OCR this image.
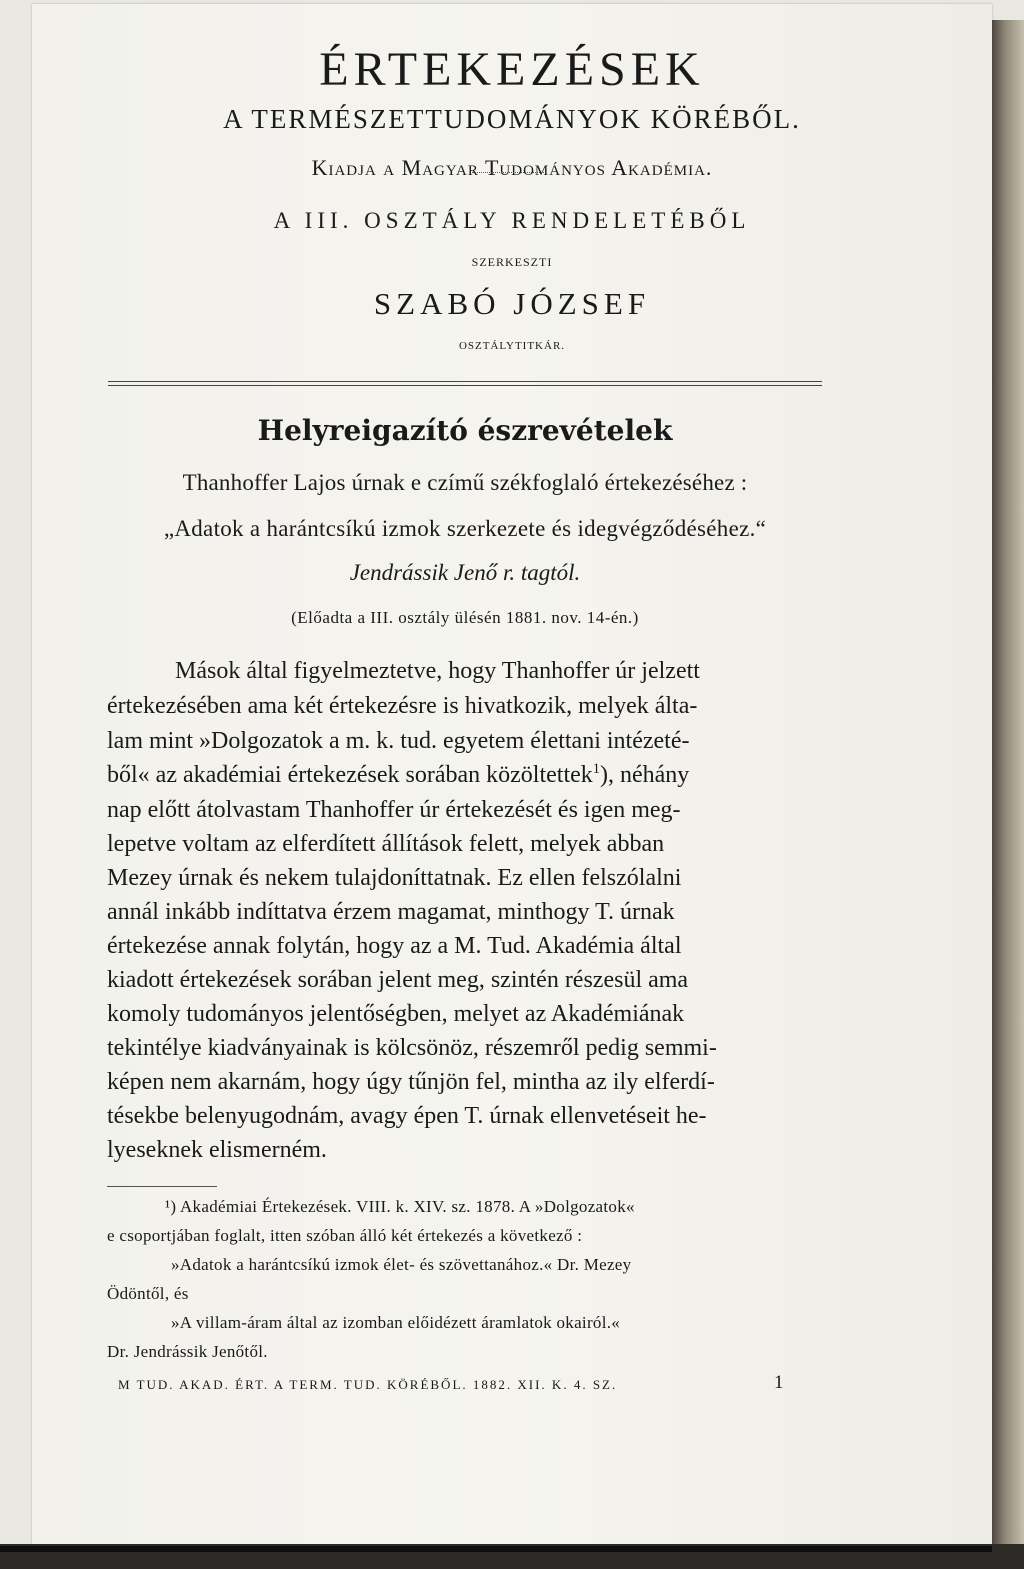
ÉRTEKEZÉSEK
A TERMÉSZETTUDOMÁNYOK KÖRÉBŐL.
Kiadja a Magyar Tudományos Akadémia.
A III. OSZTÁLY RENDELETÉBŐL
SZERKESZTI
SZABÓ JÓZSEF
OSZTÁLYTITKÁR.
Helyreigazító észrevételek
Thanhoffer Lajos úrnak e czímű székfoglaló értekezéséhez :
„Adatok a harántcsíkú izmok szerkezete és idegvégződéséhez.“
Jendrássik Jenő r. tagtól.
(Előadta a III. osztály ülésén 1881. nov. 14-én.)
Mások által figyelmeztetve, hogy Thanhoffer úr jelzett
értekezésében ama két értekezésre is hivatkozik, melyek álta-
lam mint »Dolgozatok a m. k. tud. egyetem élettani intézeté-
ből« az akadémiai értekezések sorában közöltettek$^1$), néhány
nap előtt átolvastam Thanhoffer úr értekezését és igen meg-
lepetve voltam az elferdített állítások felett, melyek abban
Mezey úrnak és nekem tulajdoníttatnak. Ez ellen felszólalni
annál inkább indíttatva érzem magamat, minthogy T. úrnak
értekezése annak folytán, hogy az a M. Tud. Akadémia által
kiadott értekezések sorában jelent meg, szintén részesül ama
komoly tudományos jelentőségben, melyet az Akadémiának
tekintélye kiadványainak is kölcsönöz, részemről pedig semmi-
képen nem akarnám, hogy úgy tűnjön fel, mintha az ily elferdí-
tésekbe belenyugodnám, avagy épen T. úrnak ellenvetéseit he-
lyeseknek elismerném.
¹) Akadémiai Értekezések. VIII. k. XIV. sz. 1878. A »Dolgozatok«
e csoportjában foglalt, itten szóban álló két értekezés a következő :
»Adatok a harántcsíkú izmok élet- és szövettanához.« Dr. Mezey
Ödöntől, és
»A villam-áram által az izomban előidézett áramlatok okairól.«
Dr. Jendrássik Jenőtől.
M TUD. AKAD. ÉRT. A TERM. TUD. KÖRÉBŐL. 1882. XII. K. 4. SZ.	1
